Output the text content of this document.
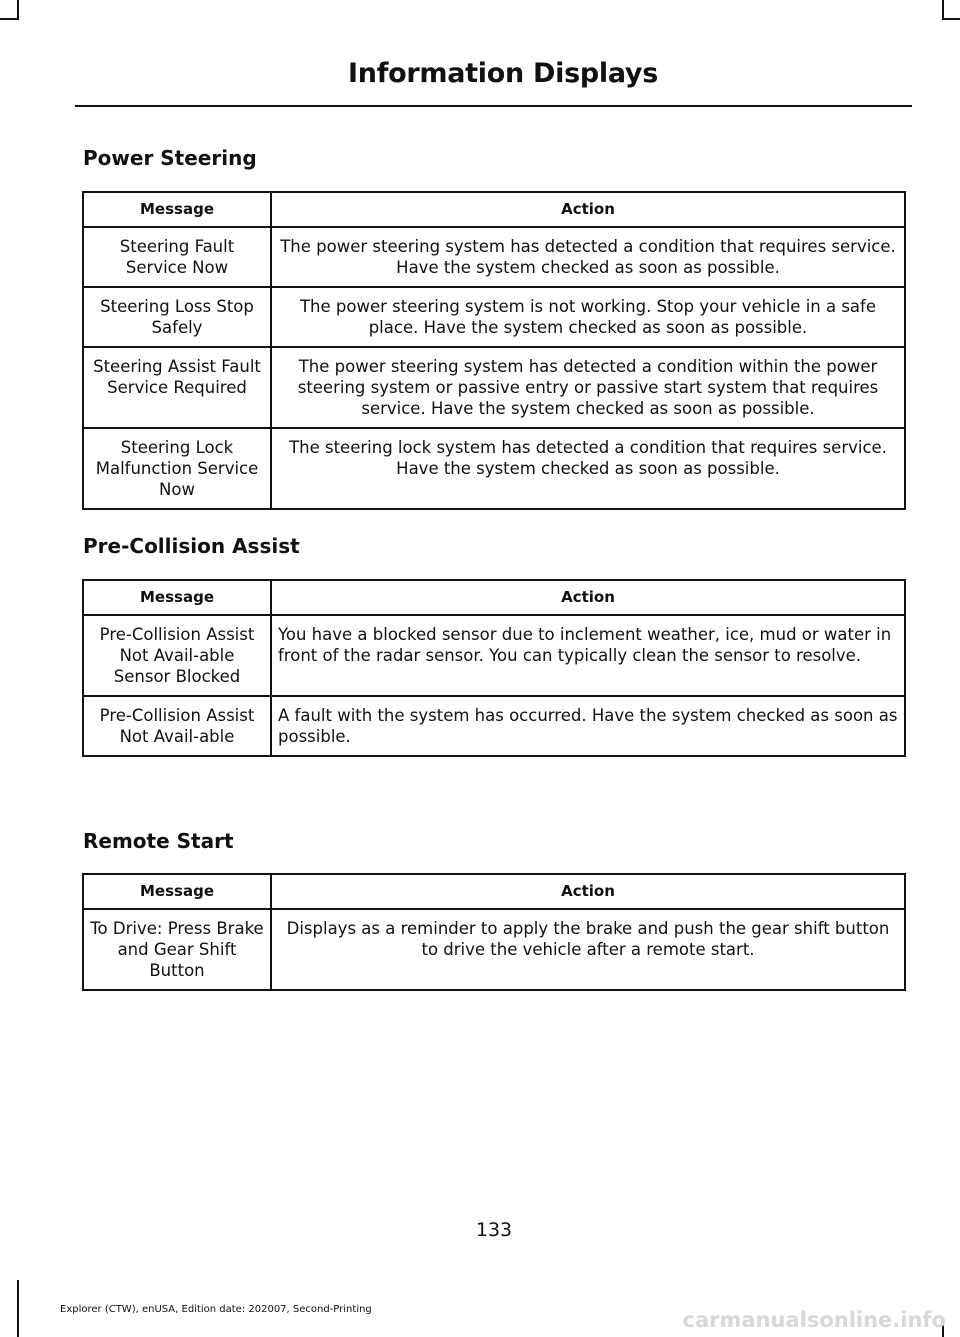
Information Displays
Power Steering
Message	Action
Steering Fault Service Now	The power steering system has detected a condition that requires service. Have the system checked as soon as possible.
Steering Loss Stop Safely	The power steering system is not working. Stop your vehicle in a safe place. Have the system checked as soon as possible.
Steering Assist Fault Service Required	The power steering system has detected a condition within the power steering system or passive entry or passive start system that requires service. Have the system checked as soon as possible.
Steering Lock Malfunction Service Now	The steering lock system has detected a condition that requires service. Have the system checked as soon as possible.
Pre-Collision Assist
Message	Action
Pre-Collision Assist Not Avail-able Sensor Blocked	You have a blocked sensor due to inclement weather, ice, mud or water in front of the radar sensor. You can typically clean the sensor to resolve.
Pre-Collision Assist Not Avail-able	A fault with the system has occurred. Have the system checked as soon as possible.
Remote Start
Message	Action
To Drive: Press Brake and Gear Shift Button	Displays as a reminder to apply the brake and push the gear shift button to drive the vehicle after a remote start.
133
Explorer (CTW), enUSA, Edition date: 202007, Second-Printing	carmanualsonline.info
